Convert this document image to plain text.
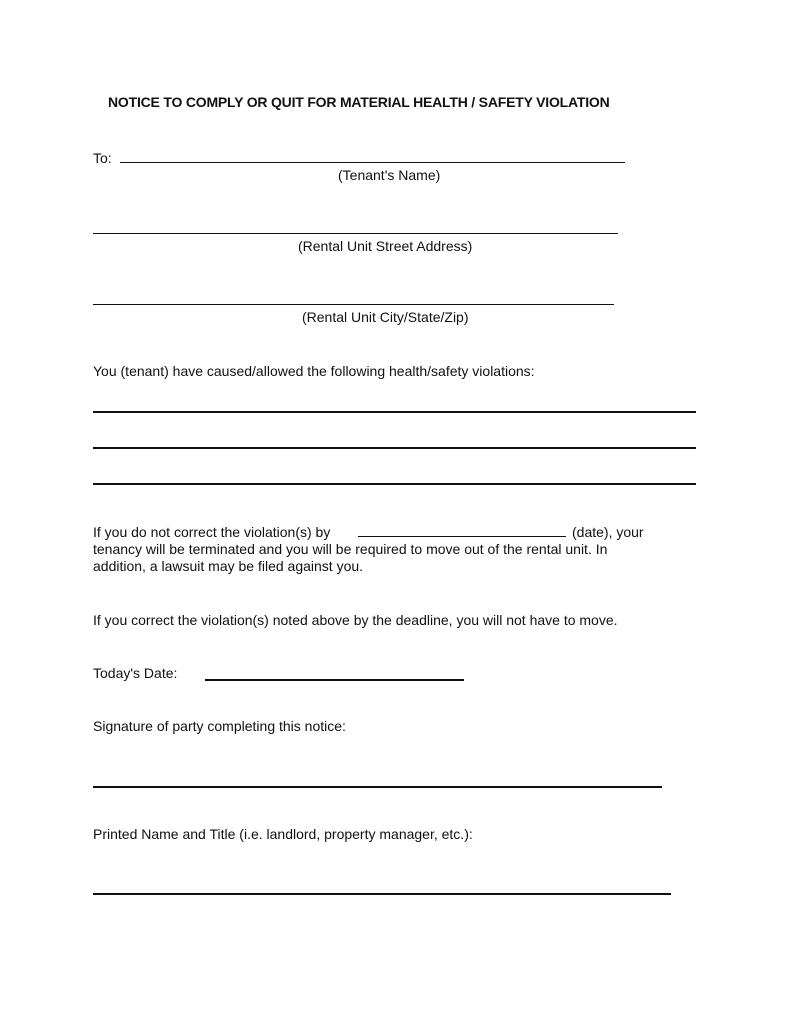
NOTICE TO COMPLY OR QUIT FOR MATERIAL HEALTH / SAFETY VIOLATION
To:
(Tenant's Name)
(Rental Unit Street Address)
(Rental Unit City/State/Zip)
You (tenant) have caused/allowed the following health/safety violations:
If you do not correct the violation(s) by	(date), your
tenancy will be terminated and you will be required to move out of the rental unit. In
addition, a lawsuit may be filed against you.
If you correct the violation(s) noted above by the deadline, you will not have to move.
Today's Date:
Signature of party completing this notice:
Printed Name and Title (i.e. landlord, property manager, etc.):
